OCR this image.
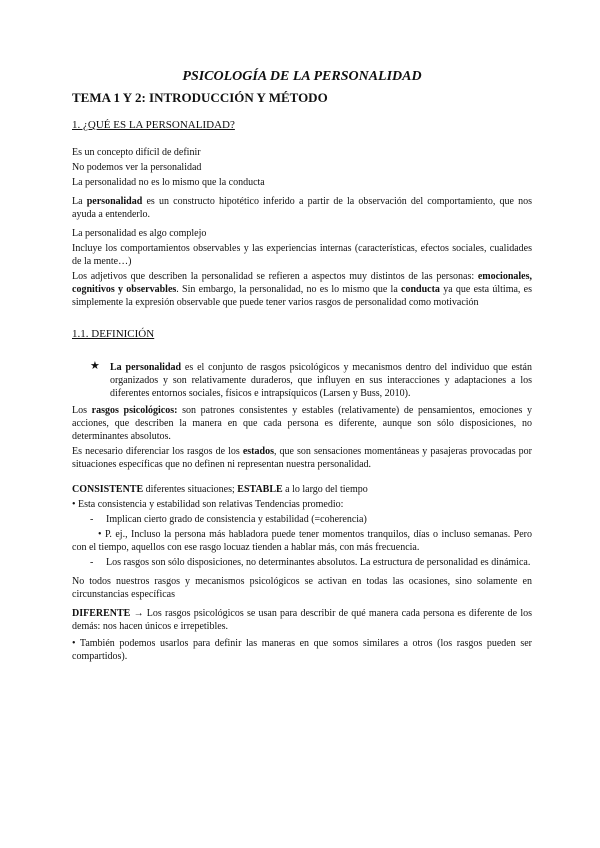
PSICOLOGÍA DE LA PERSONALIDAD
TEMA 1 Y 2: INTRODUCCIÓN Y MÉTODO
1. ¿QUÉ ES LA PERSONALIDAD?

Es un concepto difícil de definir

No podemos ver la personalidad

La personalidad no es lo mismo que la conducta

La personalidad es un constructo hipotético inferido a partir de la observación del comportamiento, que nos ayuda a entenderlo.

La personalidad es algo complejo

Incluye los comportamientos observables y las experiencias internas (características, efectos sociales, cualidades de la mente…)

Los adjetivos que describen la personalidad se refieren a aspectos muy distintos de las personas: emocionales, cognitivos y observables. Sin embargo, la personalidad, no es lo mismo que la conducta ya que esta última, es simplemente la expresión observable que puede tener varios rasgos de personalidad como motivación

1.1. DEFINICIÓN
★ La personalidad es el conjunto de rasgos psicológicos y mecanismos dentro del individuo que están organizados y son relativamente duraderos, que influyen en sus interacciones y adaptaciones a los diferentes entornos sociales, físicos e intrapsíquicos (Larsen y Buss, 2010).

Los rasgos psicológicos: son patrones consistentes y estables (relativamente) de pensamientos, emociones y acciones, que describen la manera en que cada persona es diferente, aunque son sólo disposiciones, no determinantes absolutos.

Es necesario diferenciar los rasgos de los estados, que son sensaciones momentáneas y pasajeras provocadas por situaciones específicas que no definen ni representan nuestra personalidad.

CONSISTENTE diferentes situaciones; ESTABLE a lo largo del tiempo

• Esta consistencia y estabilidad son relativas Tendencias promedio:

- Implican cierto grado de consistencia y estabilidad (=coherencia)

• P. ej., Incluso la persona más habladora puede tener momentos tranquilos, días o incluso semanas. Pero con el tiempo, aquellos con ese rasgo locuaz tienden a hablar más, con más frecuencia.

- Los rasgos son sólo disposiciones, no determinantes absolutos. La estructura de personalidad es dinámica.

No todos nuestros rasgos y mecanismos psicológicos se activan en todas las ocasiones, sino solamente en circunstancias específicas

DIFERENTE → Los rasgos psicológicos se usan para describir de qué manera cada persona es diferente de los demás: nos hacen únicos e irrepetibles.

• También podemos usarlos para definir las maneras en que somos similares a otros (los rasgos pueden ser compartidos).
